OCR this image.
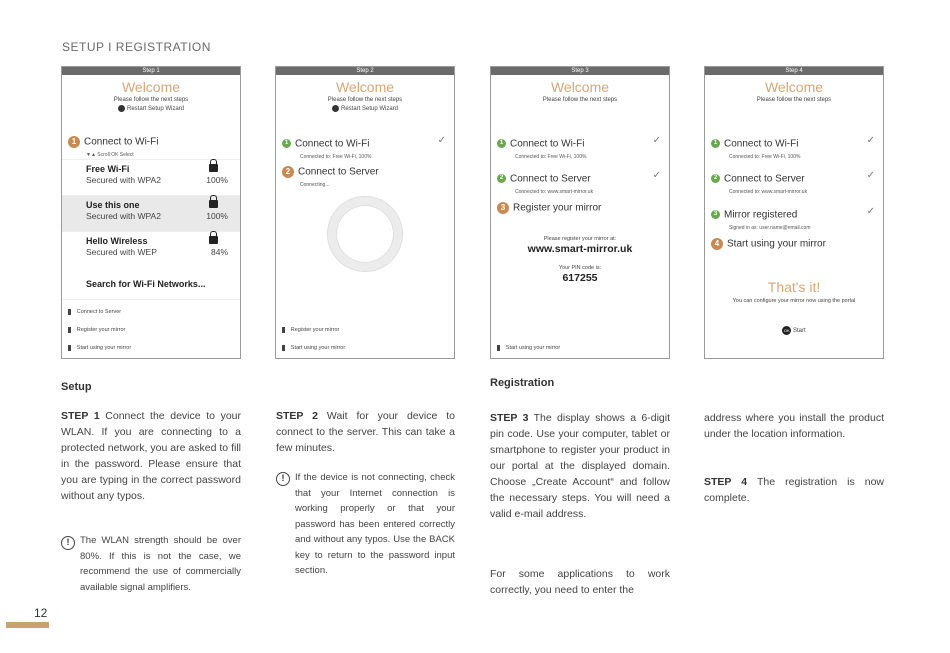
SETUP I REGISTRATION
Step 1
Welcome
Please follow the next steps
Restart Setup Wizard
1 Connect to Wi-Fi
▼▲ Scroll OK Select
Free Wi-Fi
Secured with WPA2	100%
Use this one
Secured with WPA2	100%
Hello Wireless
Secured with WEP	84%
Search for Wi-Fi Networks...
2 Connect to Server
3 Register your mirror
4 Start using your mirror
Step 2
Welcome
Please follow the next steps
Restart Setup Wizard
1 Connect to Wi-Fi	✓
Connected to: Free Wi-Fi, 100%
2 Connect to Server
Connecting...
3 Register your mirror
4 Start using your mirror
Step 3
Welcome
Please follow the next steps
1 Connect to Wi-Fi	✓
Connected to: Free Wi-Fi, 100%
2 Connect to Server	✓
Connected to: www.smart-mirror.uk
3 Register your mirror
Please register your mirror at:
www.smart-mirror.uk
Your PIN code is:
617255
4 Start using your mirror
Step 4
Welcome
Please follow the next steps
1 Connect to Wi-Fi	✓
Connected to: Free Wi-Fi, 100%
2 Connect to Server	✓
Connected to: www.smart-mirror.uk
3 Mirror registered	✓
Signed in as: user.name@email.com
4 Start using your mirror
That's it!
You can configure your mirror now using the portal
OK Start
Setup	Registration
STEP 1 Connect the device to your WLAN. If you are connecting to a protected network, you are asked to fill in the password. Please ensure that you are typing in the correct password without any typos.
!	The WLAN strength should be over 80%. If this is not the case, we recommend the use of commercially available signal amplifiers.
STEP 2 Wait for your device to connect to the server. This can take a few minutes.
!	If the device is not connecting, check that your Internet connection is working properly or that your password has been entered correctly and without any typos. Use the BACK key to return to the password input section.
STEP 3 The display shows a 6-digit pin code. Use your computer, tablet or smartphone to register your product in our portal at the displayed domain. Choose „Create Account“ and follow the necessary steps. You will need a valid e-mail address.
For some applications to work correctly, you need to enter the
address where you install the product under the location information.
STEP 4 The registration is now complete.
12
